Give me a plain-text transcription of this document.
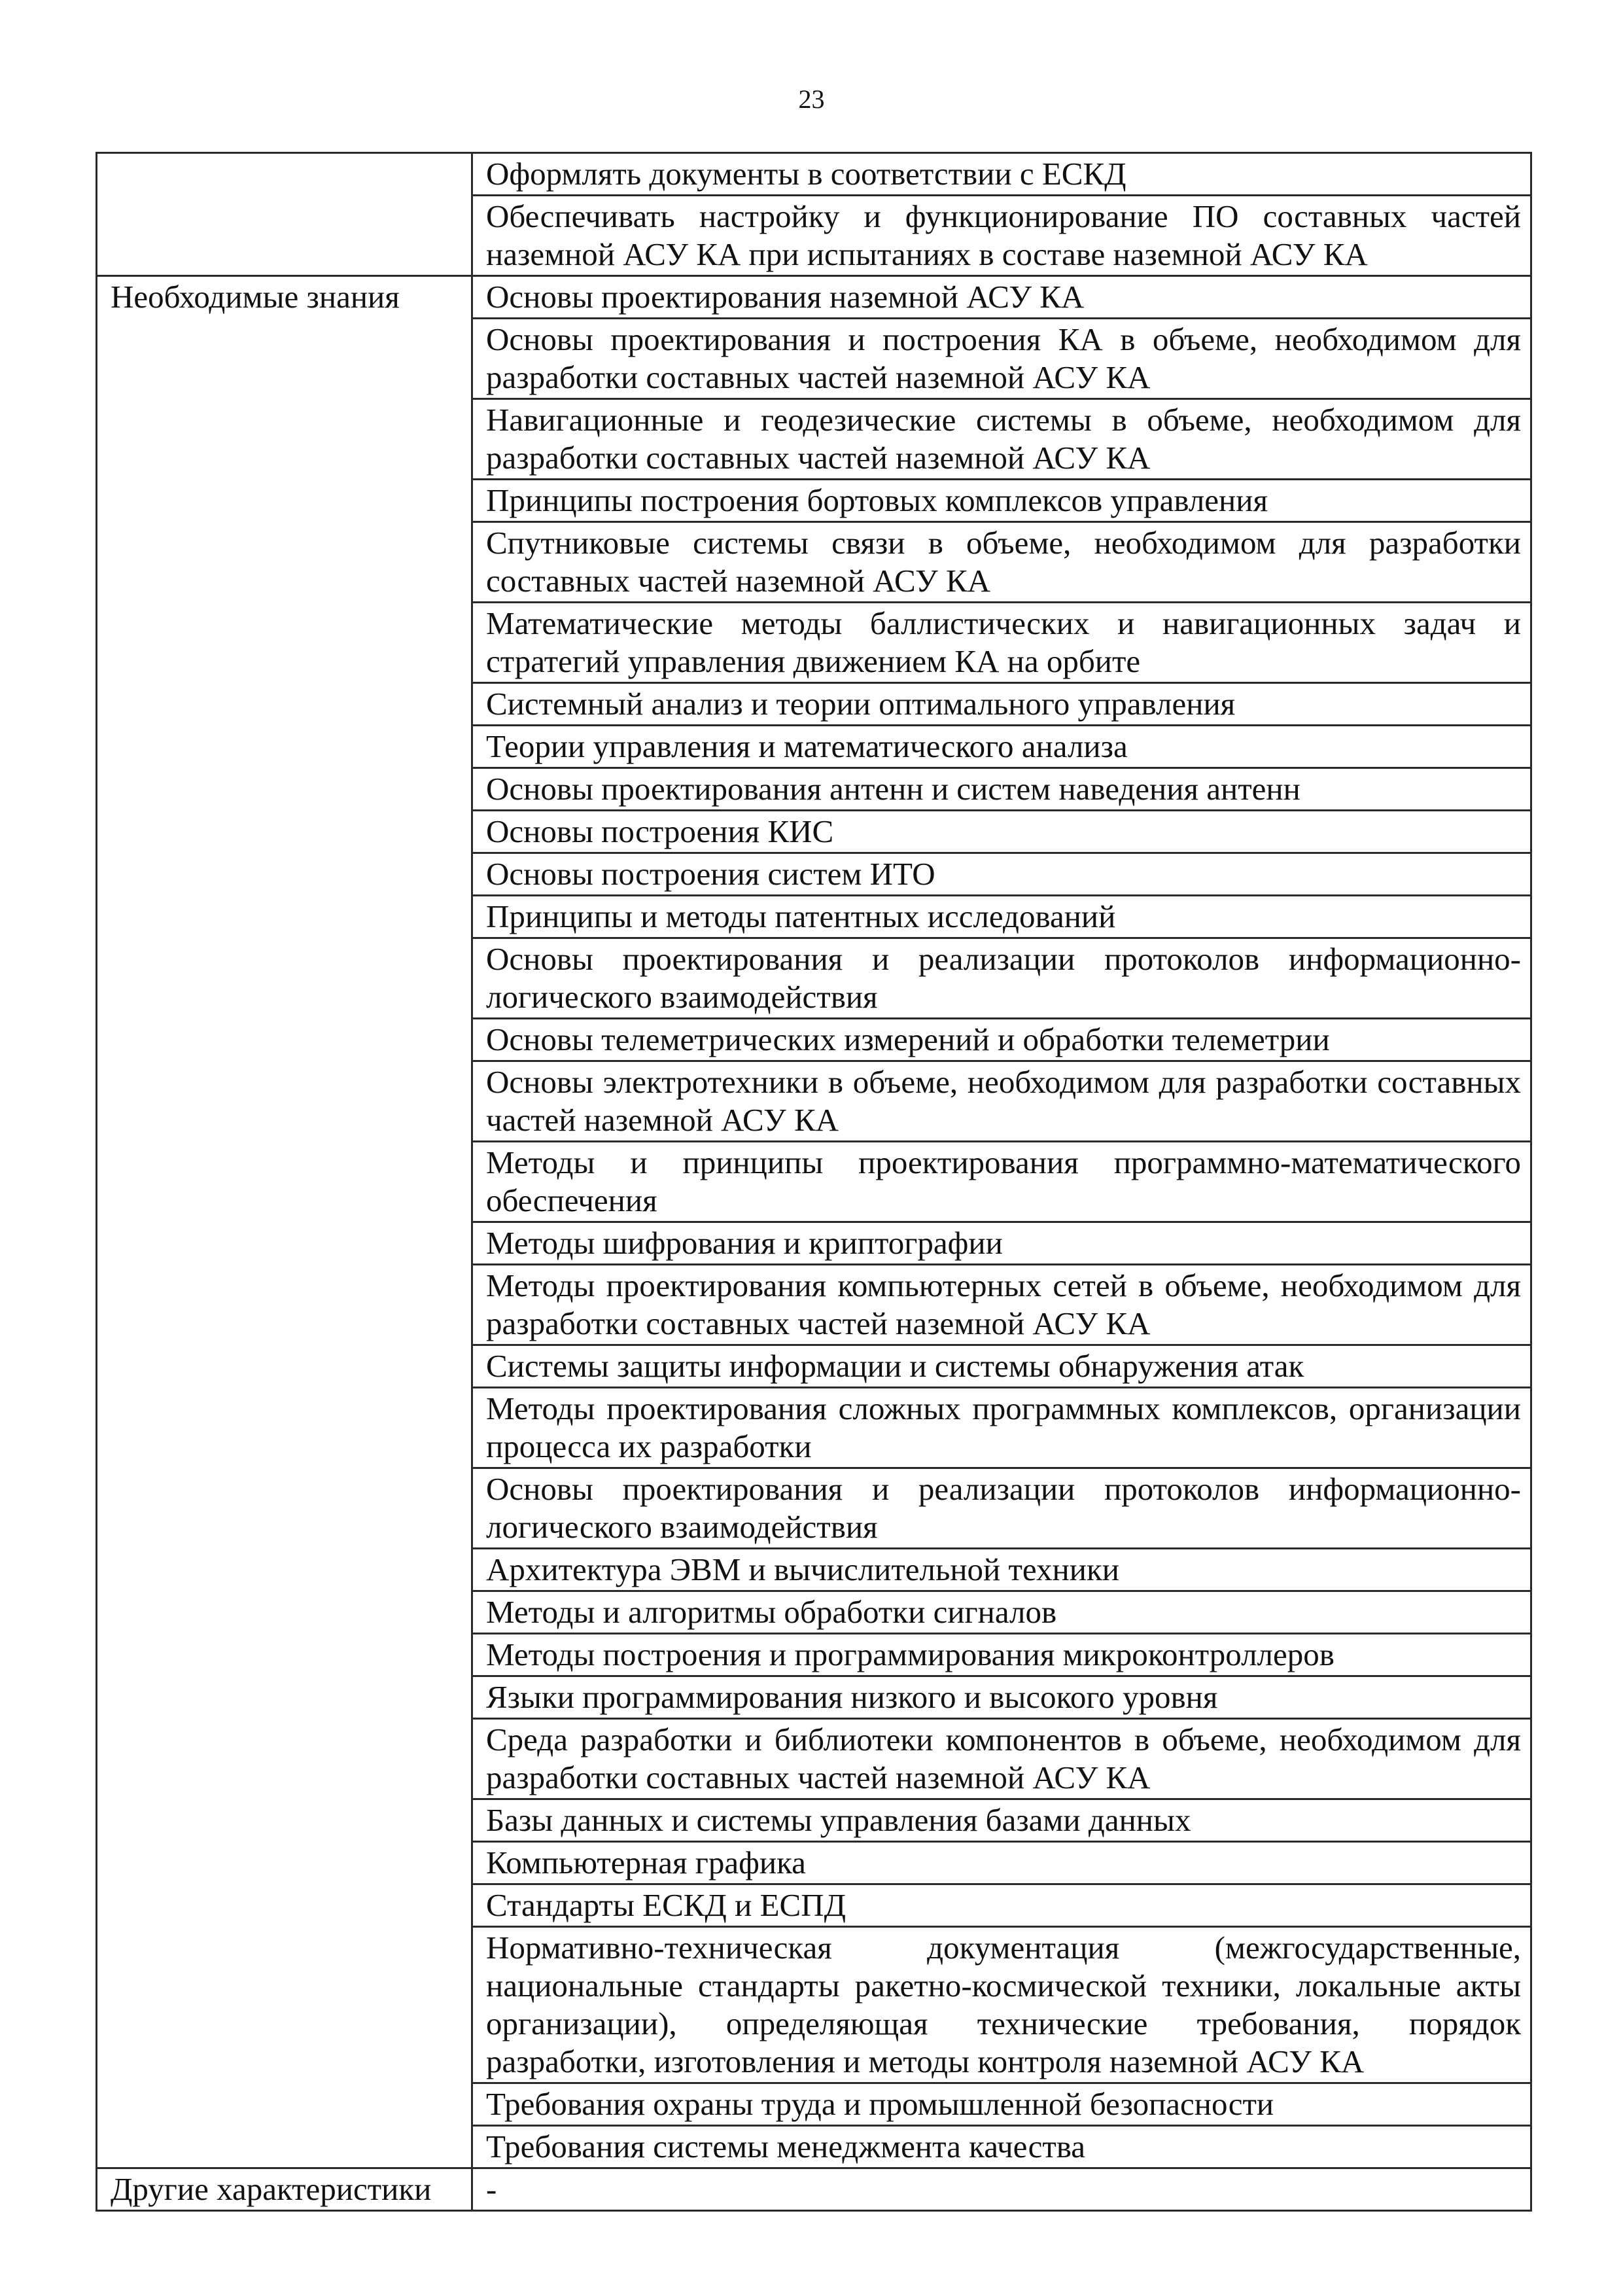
23
	Оформлять документы в соответствии с ЕСКД
	Обеспечивать настройку и функционирование ПО составных частей наземной АСУ КА при испытаниях в составе наземной АСУ КА
Необходимые знания	Основы проектирования наземной АСУ КА
	Основы проектирования и построения КА в объеме, необходимом для разработки составных частей наземной АСУ КА
	Навигационные и геодезические системы в объеме, необходимом для разработки составных частей наземной АСУ КА
	Принципы построения бортовых комплексов управления
	Спутниковые системы связи в объеме, необходимом для разработки составных частей наземной АСУ КА
	Математические методы баллистических и навигационных задач и стратегий управления движением КА на орбите
	Системный анализ и теории оптимального управления
	Теории управления и математического анализа
	Основы проектирования антенн и систем наведения антенн
	Основы построения КИС
	Основы построения систем ИТО
	Принципы и методы патентных исследований
	Основы проектирования и реализации протоколов информационно-логического взаимодействия
	Основы телеметрических измерений и обработки телеметрии
	Основы электротехники в объеме, необходимом для разработки составных частей наземной АСУ КА
	Методы и принципы проектирования программно-математического обеспечения
	Методы шифрования и криптографии
	Методы проектирования компьютерных сетей в объеме, необходимом для разработки составных частей наземной АСУ КА
	Системы защиты информации и системы обнаружения атак
	Методы проектирования сложных программных комплексов, организации процесса их разработки
	Основы проектирования и реализации протоколов информационно-логического взаимодействия
	Архитектура ЭВМ и вычислительной техники
	Методы и алгоритмы обработки сигналов
	Методы построения и программирования микроконтроллеров
	Языки программирования низкого и высокого уровня
	Среда разработки и библиотеки компонентов в объеме, необходимом для разработки составных частей наземной АСУ КА
	Базы данных и системы управления базами данных
	Компьютерная графика
	Стандарты ЕСКД и ЕСПД
	Нормативно-техническая документация (межгосударственные, национальные стандарты ракетно-космической техники, локальные акты организации), определяющая технические требования, порядок разработки, изготовления и методы контроля наземной АСУ КА
	Требования охраны труда и промышленной безопасности
	Требования системы менеджмента качества
Другие характеристики	-
